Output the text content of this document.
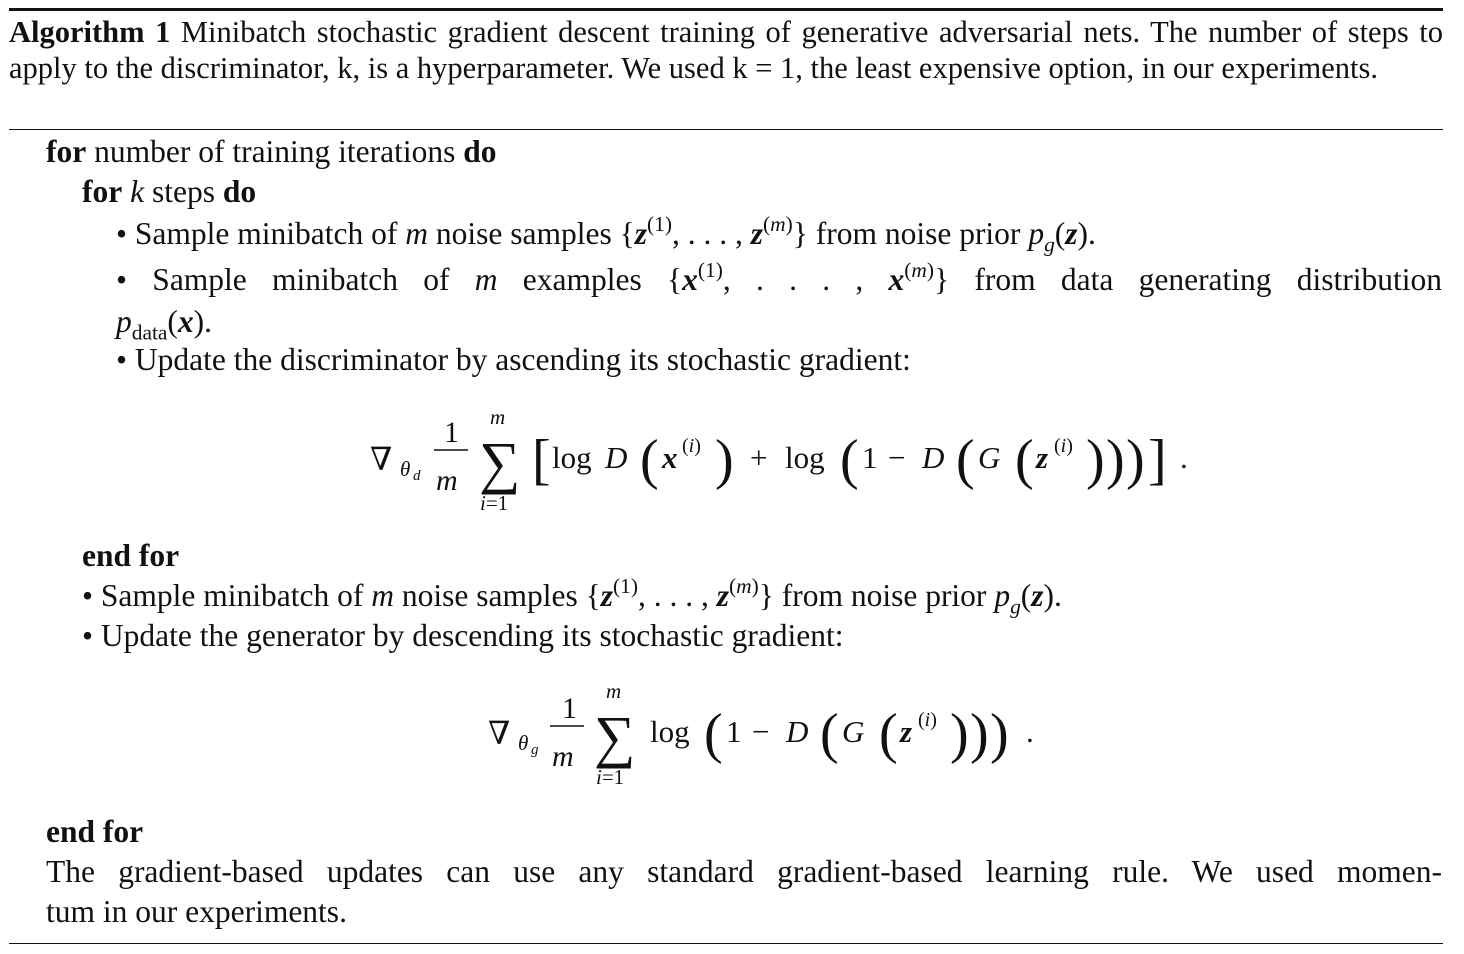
Algorithm 1 Minibatch stochastic gradient descent training of generative adversarial nets. The number of steps to apply to the discriminator, k, is a hyperparameter. We used k = 1, the least expensive option, in our experiments.
for number of training iterations do
for k steps do
• Sample minibatch of m noise samples {$z^{(1)}$, . . . , $z^{(m)}$} from noise prior $p_g(z)$.
• Sample minibatch of m examples {$x^{(1)}$, . . . , $x^{(m)}$} from data generating distribution
$p_{data}(x)$.
• Update the discriminator by ascending its stochastic gradient:
∇ θ d
1
m
m
∑
i=1
[ log D ( x (i) ) + log ( 1 − D ( G ( z (i) ) ) ) ] .
end for
• Sample minibatch of m noise samples {$z^{(1)}$, . . . , $z^{(m)}$} from noise prior $p_g(z)$.
• Update the generator by descending its stochastic gradient:
∇ θ g
1
m
m
∑
i=1
log ( 1 − D ( G ( z (i) ) ) ) .
end for
The gradient-based updates can use any standard gradient-based learning rule. We used momen-
tum in our experiments.
